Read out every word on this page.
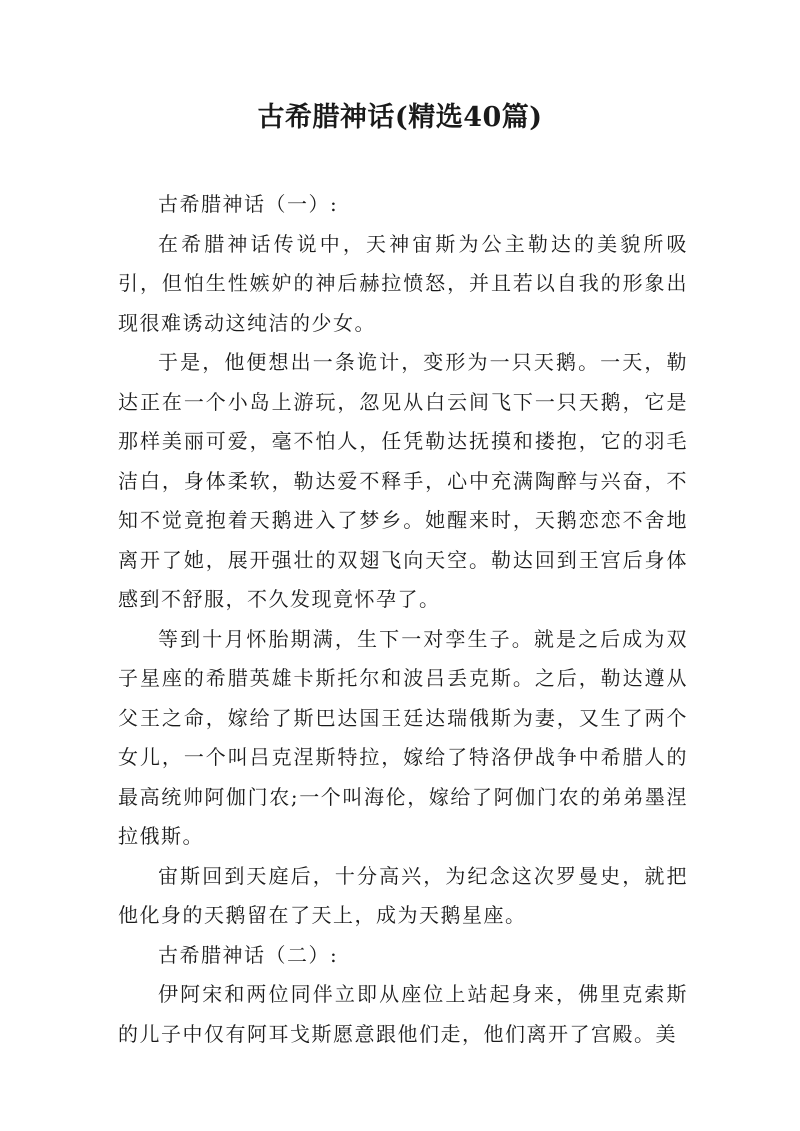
古希腊神话(精选40篇)

古希腊神话（一）:

在希腊神话传说中，天神宙斯为公主勒达的美貌所吸引，但怕生性嫉妒的神后赫拉愤怒，并且若以自我的形象出现很难诱动这纯洁的少女。

于是，他便想出一条诡计，变形为一只天鹅。一天，勒达正在一个小岛上游玩，忽见从白云间飞下一只天鹅，它是那样美丽可爱，毫不怕人，任凭勒达抚摸和搂抱，它的羽毛洁白，身体柔软，勒达爱不释手，心中充满陶醉与兴奋，不知不觉竟抱着天鹅进入了梦乡。她醒来时，天鹅恋恋不舍地离开了她，展开强壮的双翅飞向天空。勒达回到王宫后身体感到不舒服，不久发现竟怀孕了。

等到十月怀胎期满，生下一对孪生子。就是之后成为双子星座的希腊英雄卡斯托尔和波吕丢克斯。之后，勒达遵从父王之命，嫁给了斯巴达国王廷达瑞俄斯为妻，又生了两个女儿，一个叫吕克涅斯特拉，嫁给了特洛伊战争中希腊人的最高统帅阿伽门农;一个叫海伦，嫁给了阿伽门农的弟弟墨涅拉俄斯。

宙斯回到天庭后，十分高兴，为纪念这次罗曼史，就把他化身的天鹅留在了天上，成为天鹅星座。

古希腊神话（二）:

伊阿宋和两位同伴立即从座位上站起身来，佛里克索斯的儿子中仅有阿耳戈斯愿意跟他们走，他们离开了宫殿。美
